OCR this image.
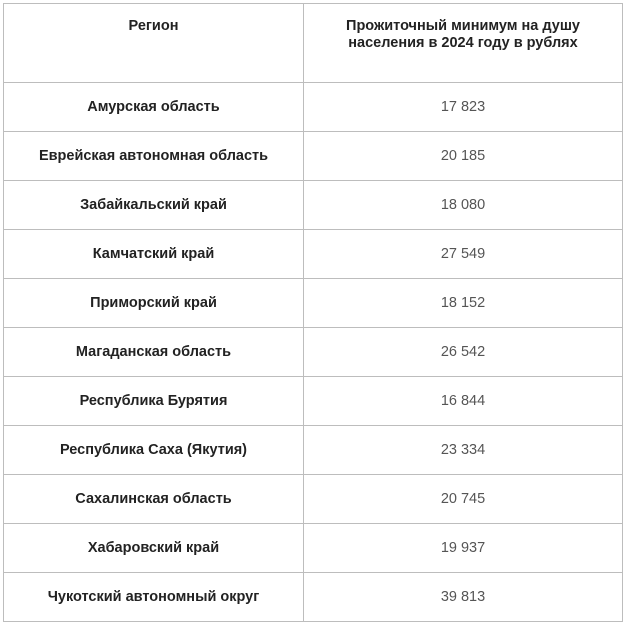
Регион	Прожиточный минимум на душу населения в 2024 году в рублях
Амурская область	17 823
Еврейская автономная область	20 185
Забайкальский край	18 080
Камчатский край	27 549
Приморский край	18 152
Магаданская область	26 542
Республика Бурятия	16 844
Республика Саха (Якутия)	23 334
Сахалинская область	20 745
Хабаровский край	19 937
Чукотский автономный округ	39 813
